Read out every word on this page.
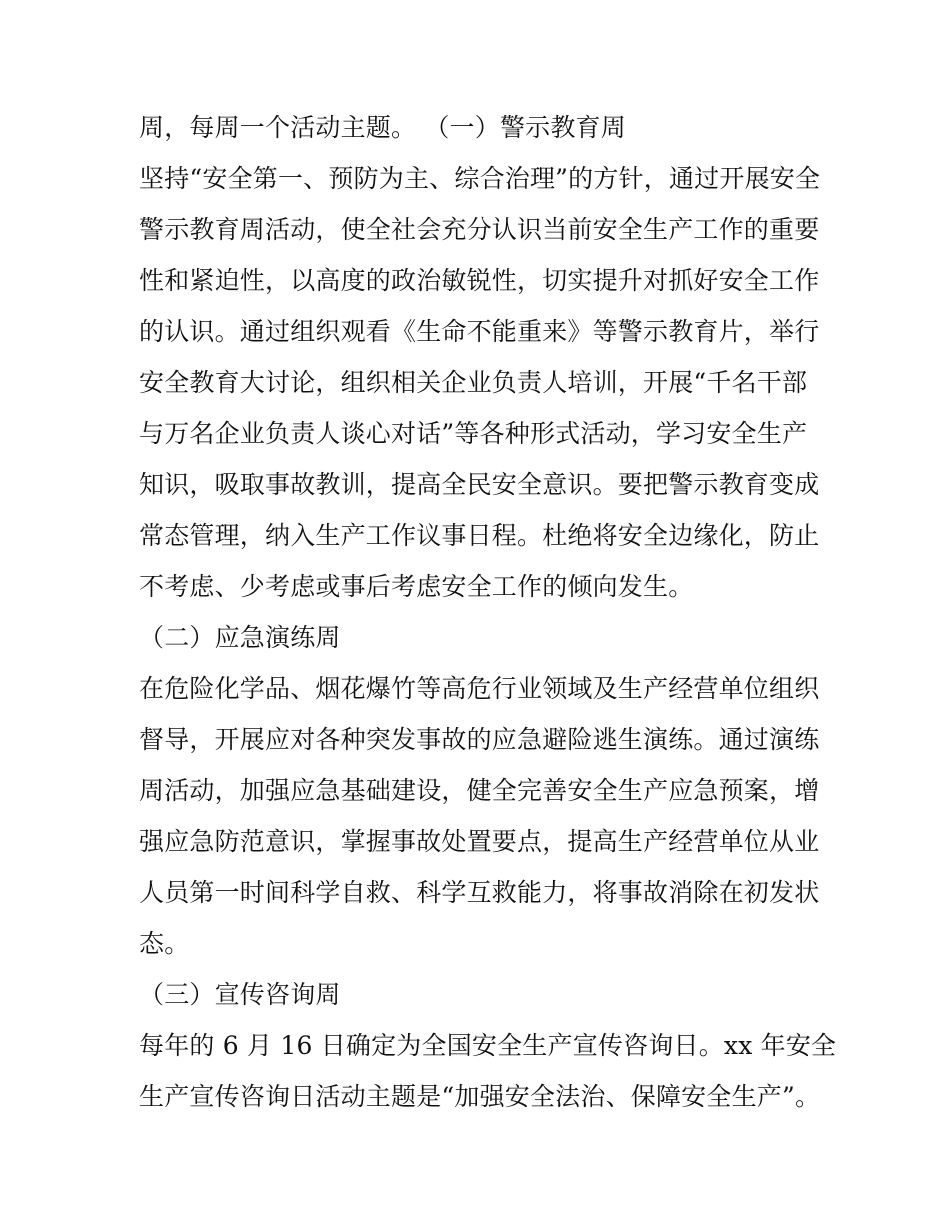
周，每周一个活动主题。 （一）警示教育周

坚持“安全第一、预防为主、综合治理”的方针，通过开展安全

警示教育周活动，使全社会充分认识当前安全生产工作的重要

性和紧迫性，以高度的政治敏锐性，切实提升对抓好安全工作

的认识。通过组织观看《生命不能重来》等警示教育片，举行

安全教育大讨论，组织相关企业负责人培训，开展“千名干部

与万名企业负责人谈心对话”等各种形式活动，学习安全生产

知识，吸取事故教训，提高全民安全意识。要把警示教育变成

常态管理，纳入生产工作议事日程。杜绝将安全边缘化，防止

不考虑、少考虑或事后考虑安全工作的倾向发生。

（二）应急演练周

在危险化学品、烟花爆竹等高危行业领域及生产经营单位组织

督导，开展应对各种突发事故的应急避险逃生演练。通过演练

周活动，加强应急基础建设，健全完善安全生产应急预案，增

强应急防范意识，掌握事故处置要点，提高生产经营单位从业

人员第一时间科学自救、科学互救能力，将事故消除在初发状

态。

（三）宣传咨询周

每年的 6 月 16 日确定为全国安全生产宣传咨询日。xx 年安全

生产宣传咨询日活动主题是“加强安全法治、保障安全生产”。
